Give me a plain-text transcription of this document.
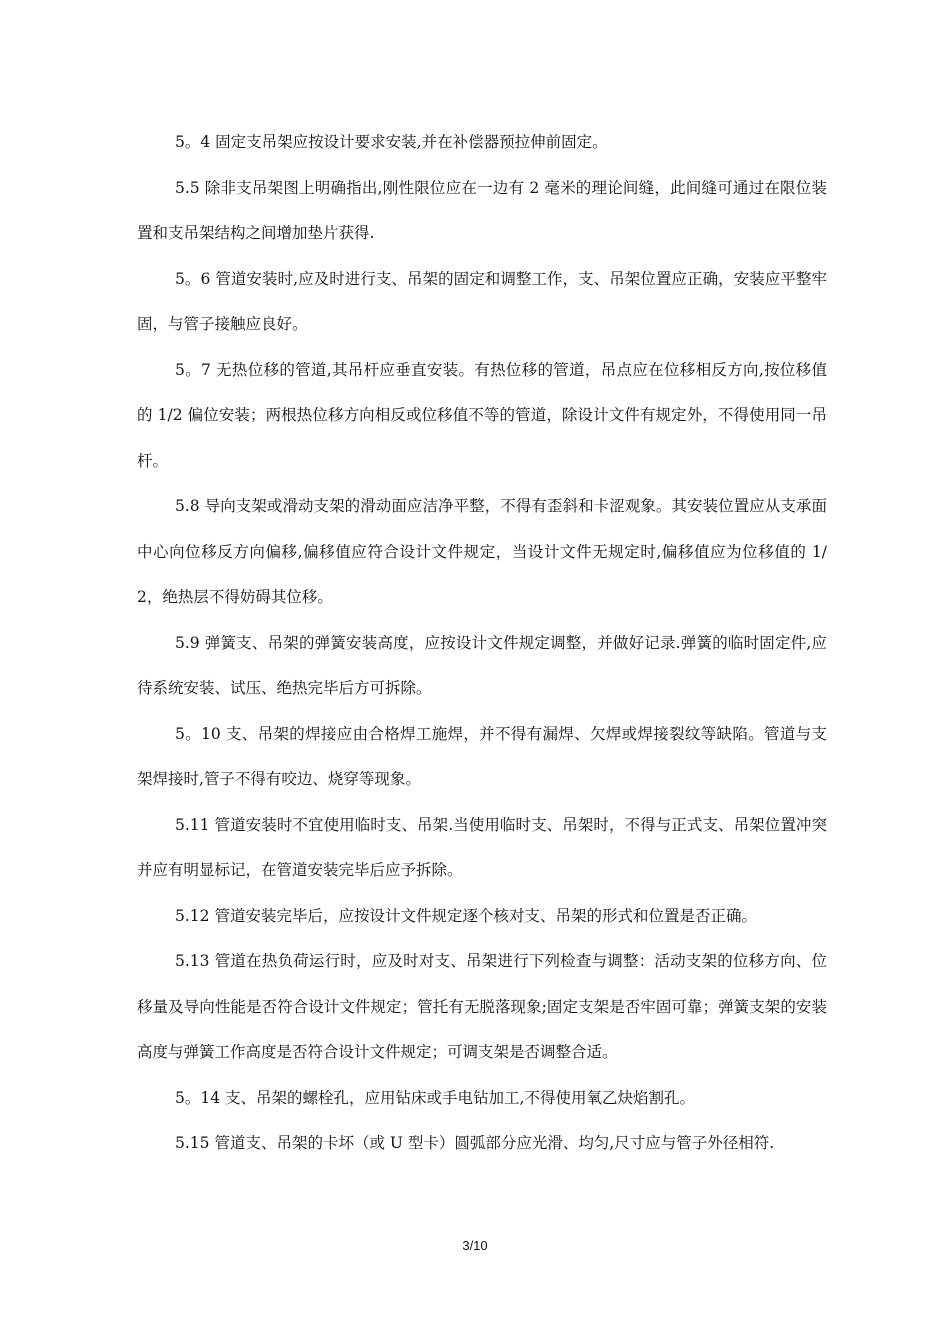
5。4 固定支吊架应按设计要求安装,并在补偿器预拉伸前固定。

5.5 除非支吊架图上明确指出,刚性限位应在一边有 2 毫米的理论间缝，此间缝可通过在限位装置和支吊架结构之间增加垫片获得.

5。6 管道安装时,应及时进行支、吊架的固定和调整工作，支、吊架位置应正确，安装应平整牢固，与管子接触应良好。

5。7 无热位移的管道,其吊杆应垂直安装。有热位移的管道，吊点应在位移相反方向,按位移值的 1/2 偏位安装；两根热位移方向相反或位移值不等的管道，除设计文件有规定外，不得使用同一吊杆。

5.8 导向支架或滑动支架的滑动面应洁净平整，不得有歪斜和卡涩观象。其安装位置应从支承面中心向位移反方向偏移,偏移值应符合设计文件规定，当设计文件无规定时,偏移值应为位移值的 1/2，绝热层不得妨碍其位移。

5.9 弹簧支、吊架的弹簧安装高度，应按设计文件规定调整，并做好记录.弹簧的临时固定件,应待系统安装、试压、绝热完毕后方可拆除。

5。10 支、吊架的焊接应由合格焊工施焊，并不得有漏焊、欠焊或焊接裂纹等缺陷。管道与支架焊接时,管子不得有咬边、烧穿等现象。

5.11 管道安装时不宜使用临时支、吊架.当使用临时支、吊架时，不得与正式支、吊架位置冲突并应有明显标记，在管道安装完毕后应予拆除。

5.12 管道安装完毕后，应按设计文件规定逐个核对支、吊架的形式和位置是否正确。

5.13 管道在热负荷运行时，应及时对支、吊架进行下列检查与调整：活动支架的位移方向、位移量及导向性能是否符合设计文件规定；管托有无脱落现象;固定支架是否牢固可靠；弹簧支架的安装高度与弹簧工作高度是否符合设计文件规定；可调支架是否调整合适。

5。14 支、吊架的螺栓孔，应用钻床或手电钻加工,不得使用氧乙炔焰割孔。

5.15 管道支、吊架的卡坏（或 U 型卡）圆弧部分应光滑、均匀,尺寸应与管子外径相符.

3/10
